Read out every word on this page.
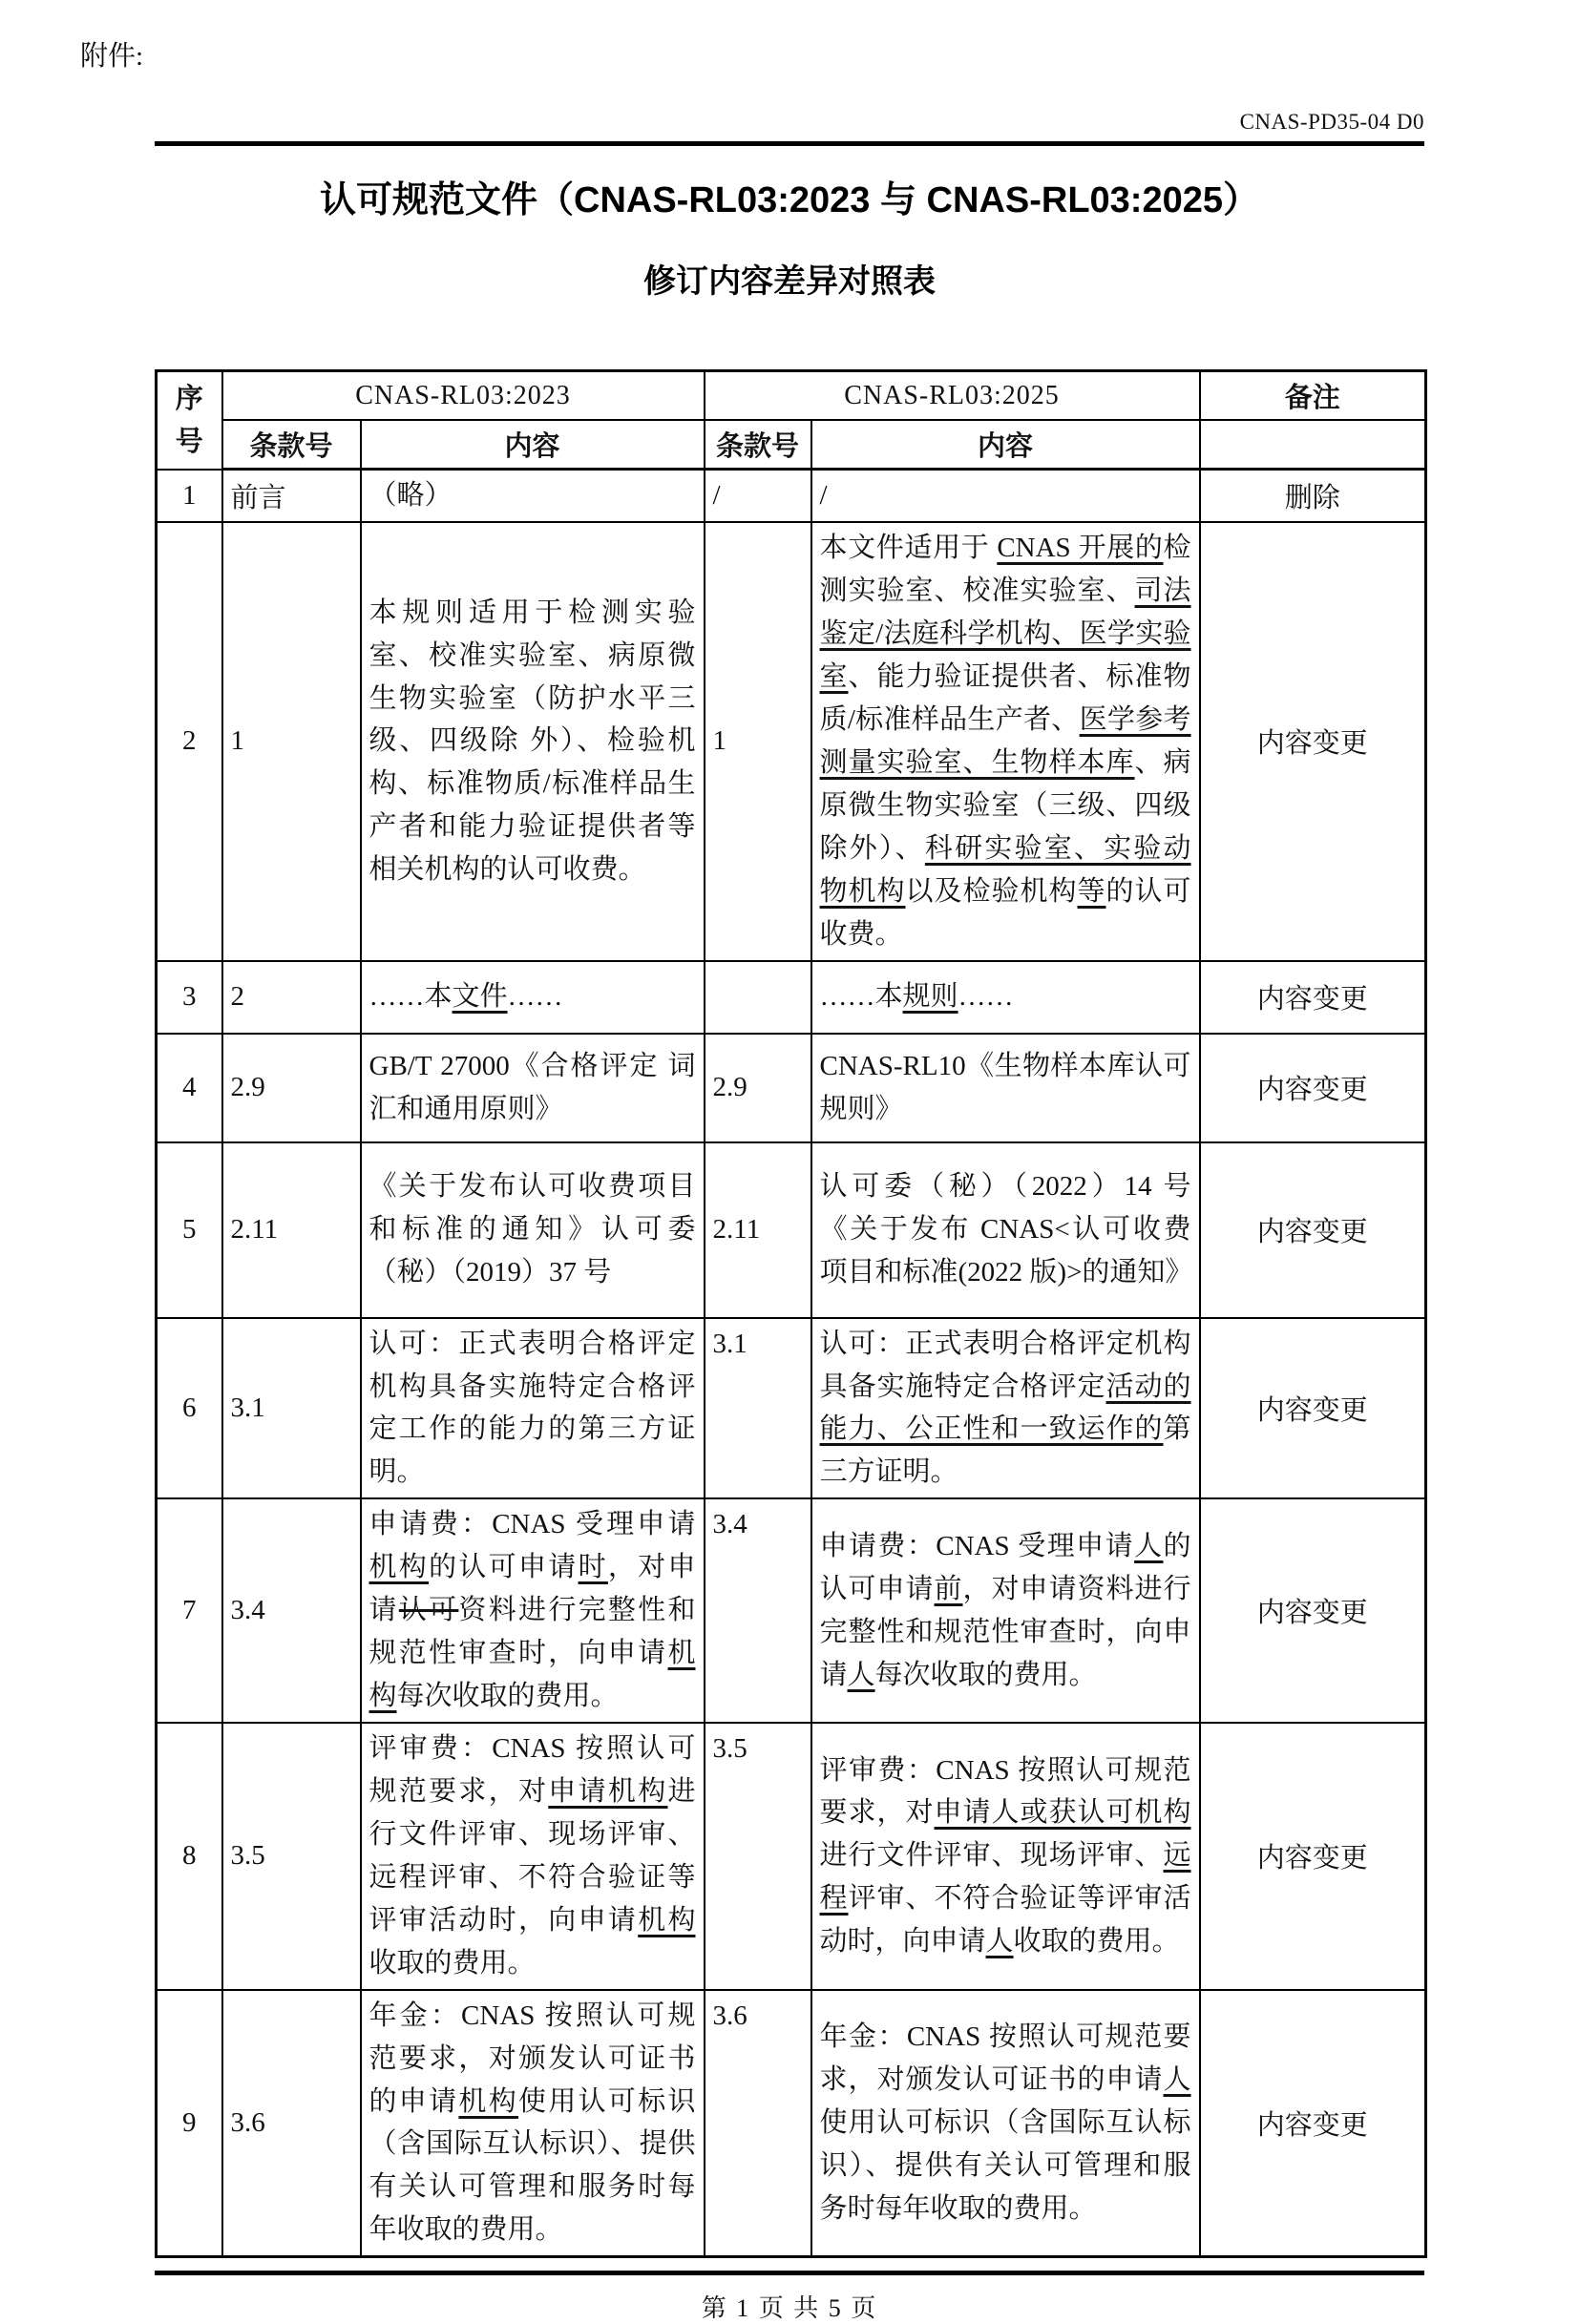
附件:
CNAS-PD35-04 D0
认可规范文件（CNAS-RL03:2023 与 CNAS-RL03:2025）
修订内容差异对照表
序号	CNAS-RL03:2023		CNAS-RL03:2025		备注
	条款号	内容	条款号	内容	
1	前言	（略）	/	/	删除
2	1	本规则适用于检测实验室、校准实验室、病原微生物实验室（防护水平三级、四级除 外）、检验机构、标准物质/标准样品生产者和能力验证提供者等相关机构的认可收费。	1	本文件适用于 CNAS 开展的检测实验室、校准实验室、司法鉴定/法庭科学机构、医学实验室、能力验证提供者、标准物质/标准样品生产者、医学参考测量实验室、生物样本库、病原微生物实验室（三级、四级除外）、科研实验室、实验动物机构以及检验机构等的认可收费。	内容变更
3	2	……本文件……		……本规则……	内容变更
4	2.9	GB/T 27000《合格评定 词汇和通用原则》	2.9	CNAS-RL10《生物样本库认可规则》	内容变更
5	2.11	《关于发布认可收费项目和标准的通知》认可委（秘）（2019）37 号	2.11	认可委（秘）（2022）14 号《关于发布 CNAS<认可收费项目和标准(2022 版)>的通知》	内容变更
6	3.1	认可：正式表明合格评定机构具备实施特定合格评定工作的能力的第三方证明。	3.1	认可：正式表明合格评定机构具备实施特定合格评定活动的能力、公正性和一致运作的第三方证明。	内容变更
7	3.4	申请费：CNAS 受理申请机构的认可申请时，对申请认可资料进行完整性和规范性审查时，向申请机构每次收取的费用。	3.4	申请费：CNAS 受理申请人的认可申请前，对申请资料进行完整性和规范性审查时，向申请人每次收取的费用。	内容变更
8	3.5	评审费：CNAS 按照认可规范要求，对申请机构进行文件评审、现场评审、远程评审、不符合验证等评审活动时，向申请机构收取的费用。	3.5	评审费：CNAS 按照认可规范要求，对申请人或获认可机构进行文件评审、现场评审、远程评审、不符合验证等评审活动时，向申请人收取的费用。	内容变更
9	3.6	年金：CNAS 按照认可规范要求，对颁发认可证书的申请机构使用认可标识（含国际互认标识）、提供有关认可管理和服务时每年收取的费用。	3.6	年金：CNAS 按照认可规范要求，对颁发认可证书的申请人使用认可标识（含国际互认标识）、提供有关认可管理和服务时每年收取的费用。	内容变更
第 1 页 共 5 页
